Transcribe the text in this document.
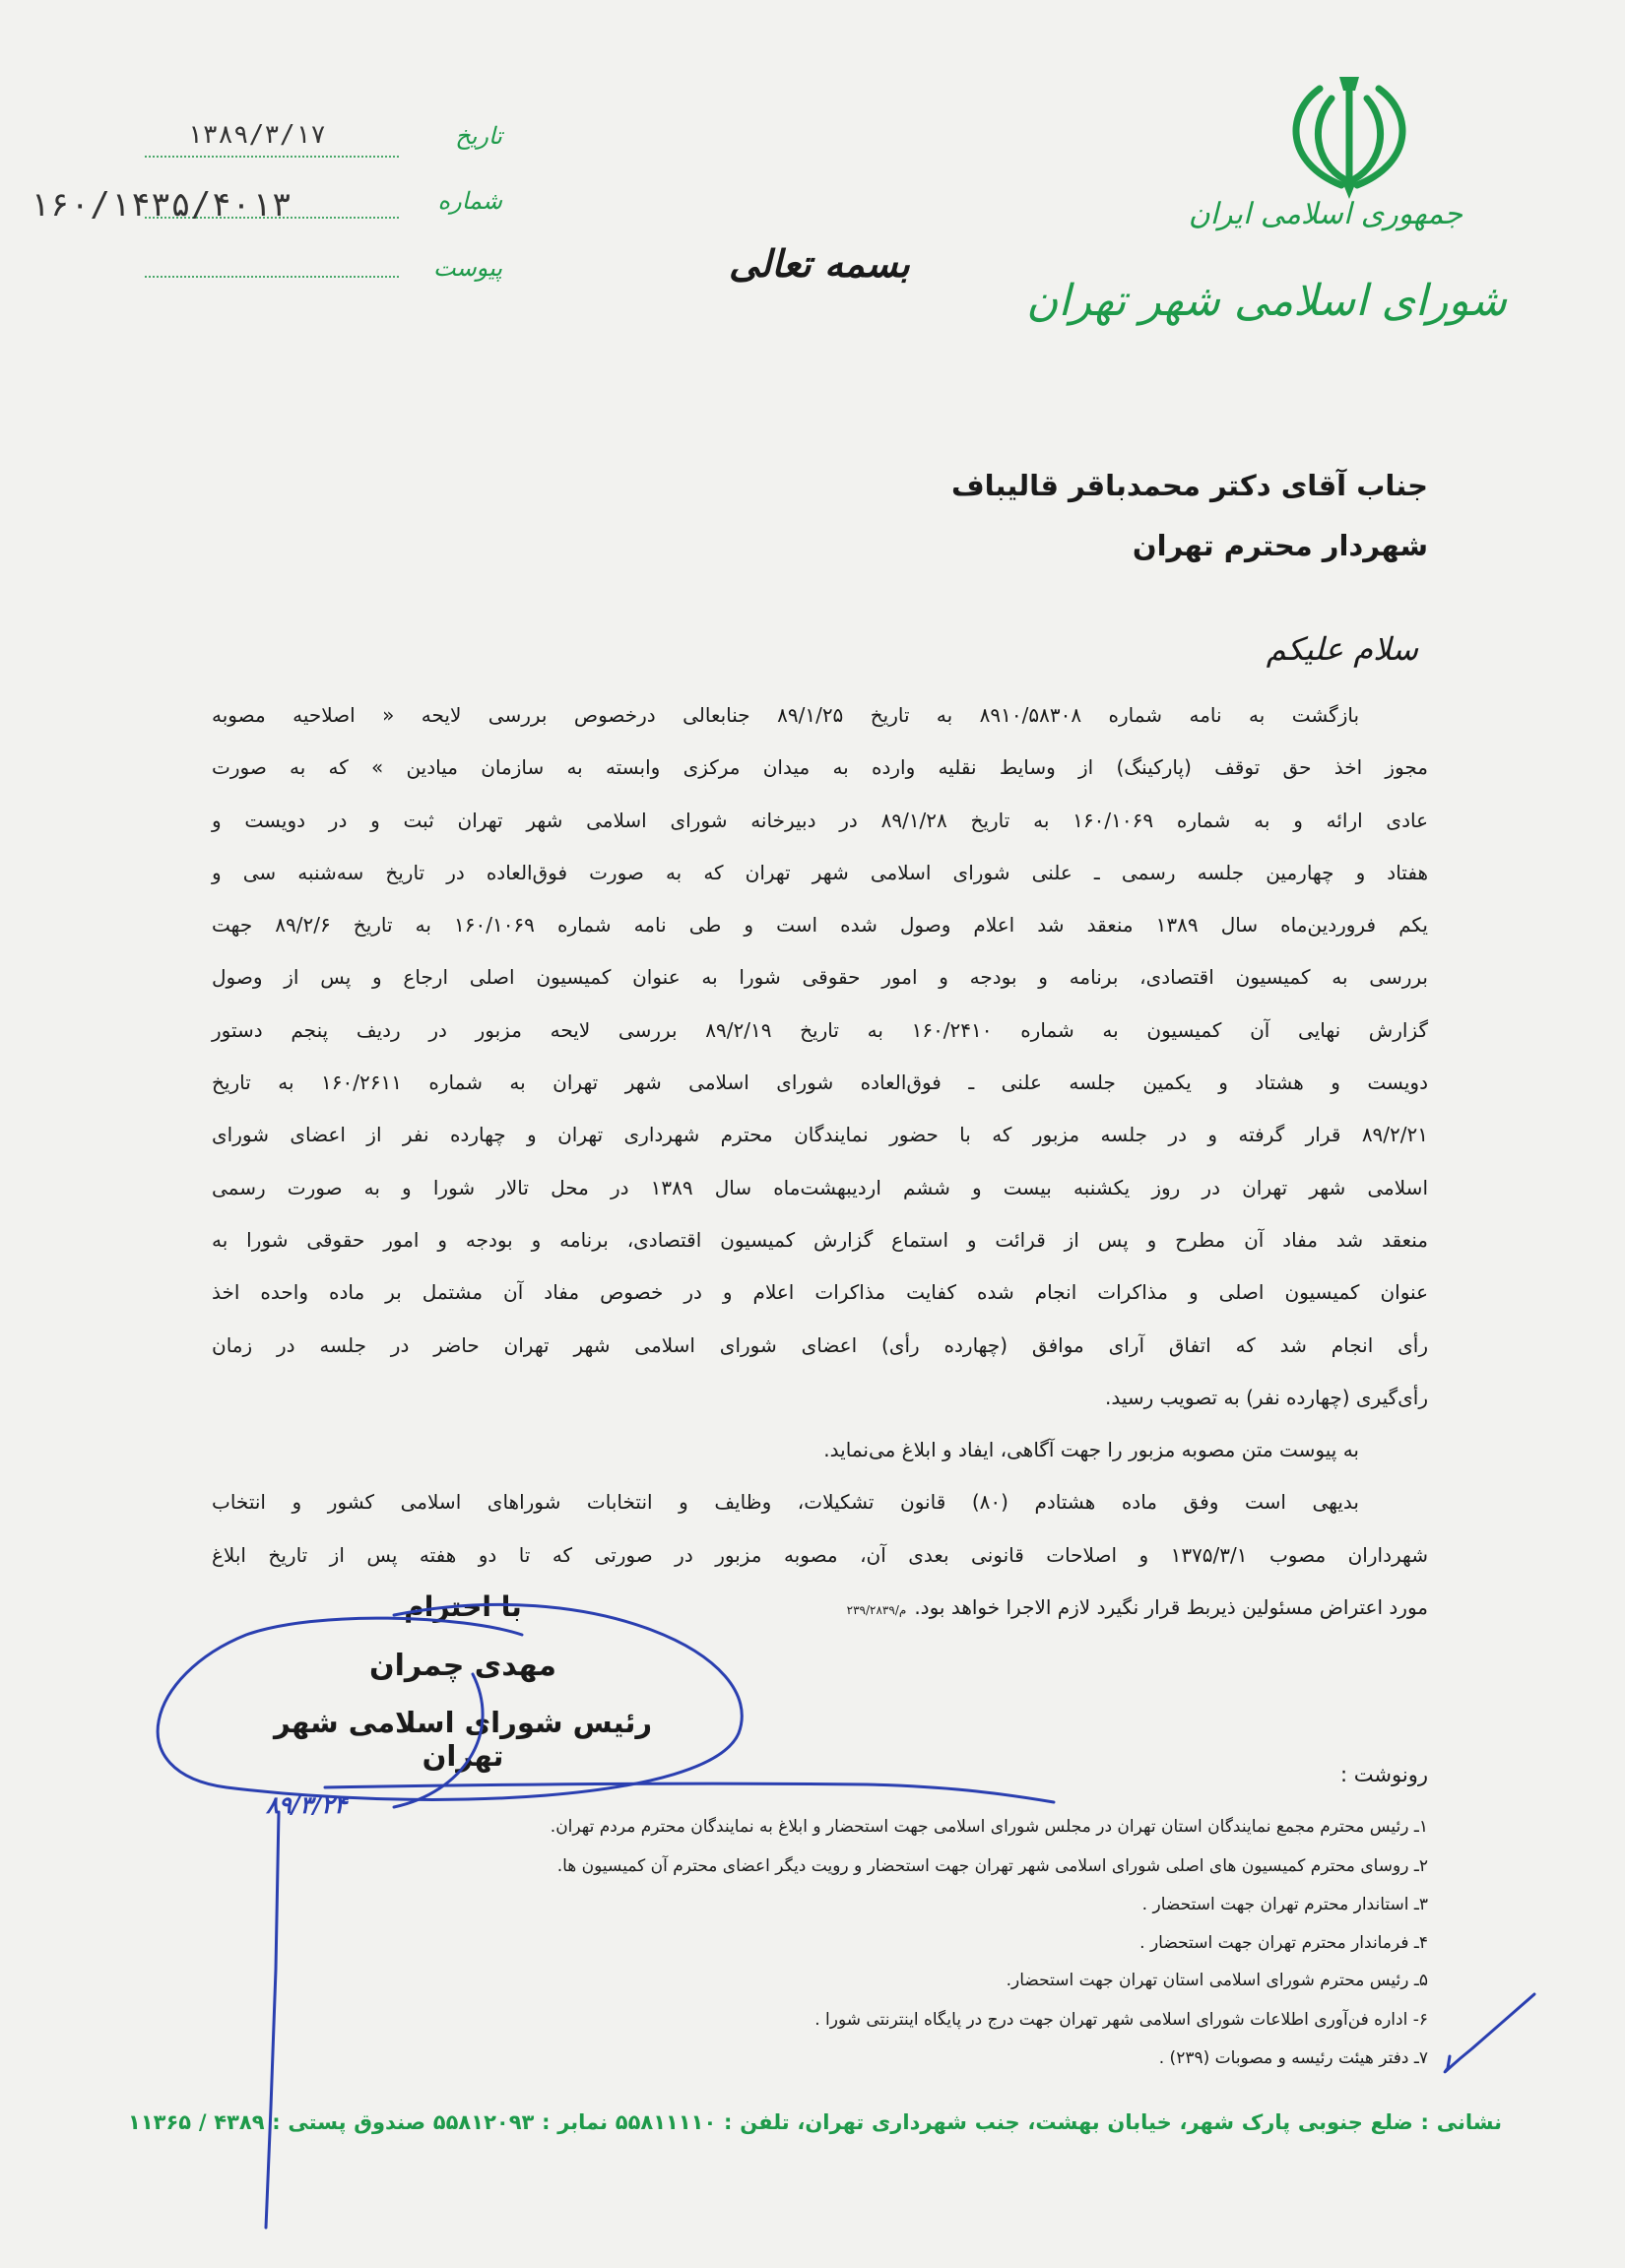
جمهوری اسلامی ایران
شورای اسلامی شهر تهران
بسمه تعالی
تاریخ
۱۳۸۹/۳/۱۷
شماره
۱۶۰/۱۴۳۵/۴۰۱۳
پیوست
جناب آقای دکتر محمدباقر قالیباف
شهردار محترم تهران
سلام علیکم
بازگشت به نامه شماره ۸۹۱۰/۵۸۳۰۸ به تاریخ ۸۹/۱/۲۵ جنابعالی درخصوص بررسی لایحه « اصلاحیه مصوبه
مجوز اخذ حق توقف (پارکینگ) از وسایط نقلیه وارده به میدان مرکزی وابسته به سازمان میادین » که به صورت
عادی ارائه و به شماره ۱۶۰/۱۰۶۹ به تاریخ ۸۹/۱/۲۸ در دبیرخانه شورای اسلامی شهر تهران ثبت و در دویست و
هفتاد و چهارمین جلسه رسمی ـ علنی شورای اسلامی شهر تهران که به صورت فوق‌العاده در تاریخ سه‌شنبه سی و
یکم فروردین‌ماه سال ۱۳۸۹ منعقد شد اعلام وصول شده است و طی نامه شماره ۱۶۰/۱۰۶۹ به تاریخ ۸۹/۲/۶ جهت
بررسی به کمیسیون اقتصادی، برنامه و بودجه و امور حقوقی شورا به عنوان کمیسیون اصلی ارجاع و پس از وصول
گزارش نهایی آن کمیسیون به شماره ۱۶۰/۲۴۱۰ به تاریخ ۸۹/۲/۱۹ بررسی لایحه مزبور در ردیف پنجم دستور
دویست و هشتاد و یکمین جلسه علنی ـ فوق‌العاده شورای اسلامی شهر تهران به شماره ۱۶۰/۲۶۱۱ به تاریخ
۸۹/۲/۲۱ قرار گرفته و در جلسه مزبور که با حضور نمایندگان محترم شهرداری تهران و چهارده نفر از اعضای شورای
اسلامی شهر تهران در روز یکشنبه بیست و ششم اردیبهشت‌ماه سال ۱۳۸۹ در محل تالار شورا و به صورت رسمی
منعقد شد مفاد آن مطرح و پس از قرائت و استماع گزارش کمیسیون اقتصادی، برنامه و بودجه و امور حقوقی شورا به
عنوان کمیسیون اصلی و مذاکرات انجام شده کفایت مذاکرات اعلام و در خصوص مفاد آن مشتمل بر ماده واحده اخذ
رأی انجام شد که اتفاق آرای موافق (چهارده رأی) اعضای شورای اسلامی شهر تهران حاضر در جلسه در زمان
رأی‌گیری (چهارده نفر) به تصویب رسید.
به پیوست متن مصوبه مزبور را جهت آگاهی، ایفاد و ابلاغ می‌نماید.
بدیهی است وفق ماده هشتادم (۸۰) قانون تشکیلات، وظایف و انتخابات شوراهای اسلامی کشور و انتخاب
شهرداران مصوب ۱۳۷۵/۳/۱ و اصلاحات قانونی بعدی آن، مصوبه مزبور در صورتی که تا دو هفته پس از تاریخ ابلاغ
مورد اعتراض مسئولین ذیربط قرار نگیرد لازم الاجرا خواهد بود.م/۲۳۹/۲۸۳۹
با احترام
مهدی چمران
رئیس شورای اسلامی شهر تهران
۸۹/۳/۲۴
رونوشت :
۱ـ رئیس محترم مجمع نمایندگان استان تهران در مجلس شورای اسلامی جهت استحضار و ابلاغ به نمایندگان محترم مردم تهران.
۲ـ روسای محترم کمیسیون های اصلی شورای اسلامی شهر تهران جهت استحضار و رویت دیگر اعضای محترم آن کمیسیون ها.
۳ـ استاندار محترم تهران جهت استحضار .
۴ـ فرماندار محترم تهران جهت استحضار .
۵ـ رئیس محترم شورای اسلامی استان تهران جهت استحضار.
۶- اداره فن‌آوری اطلاعات شورای اسلامی شهر تهران جهت درج در پایگاه اینترنتی شورا .
۷ـ دفتر هیئت رئیسه و مصوبات (۲۳۹) .
نشانی : ضلع جنوبی پارک شهر، خیابان بهشت، جنب شهرداری تهران، تلفن : ۵۵۸۱۱۱۱۰ نمابر : ۵۵۸۱۲۰۹۳ صندوق پستی : ۴۳۸۹ / ۱۱۳۶۵
